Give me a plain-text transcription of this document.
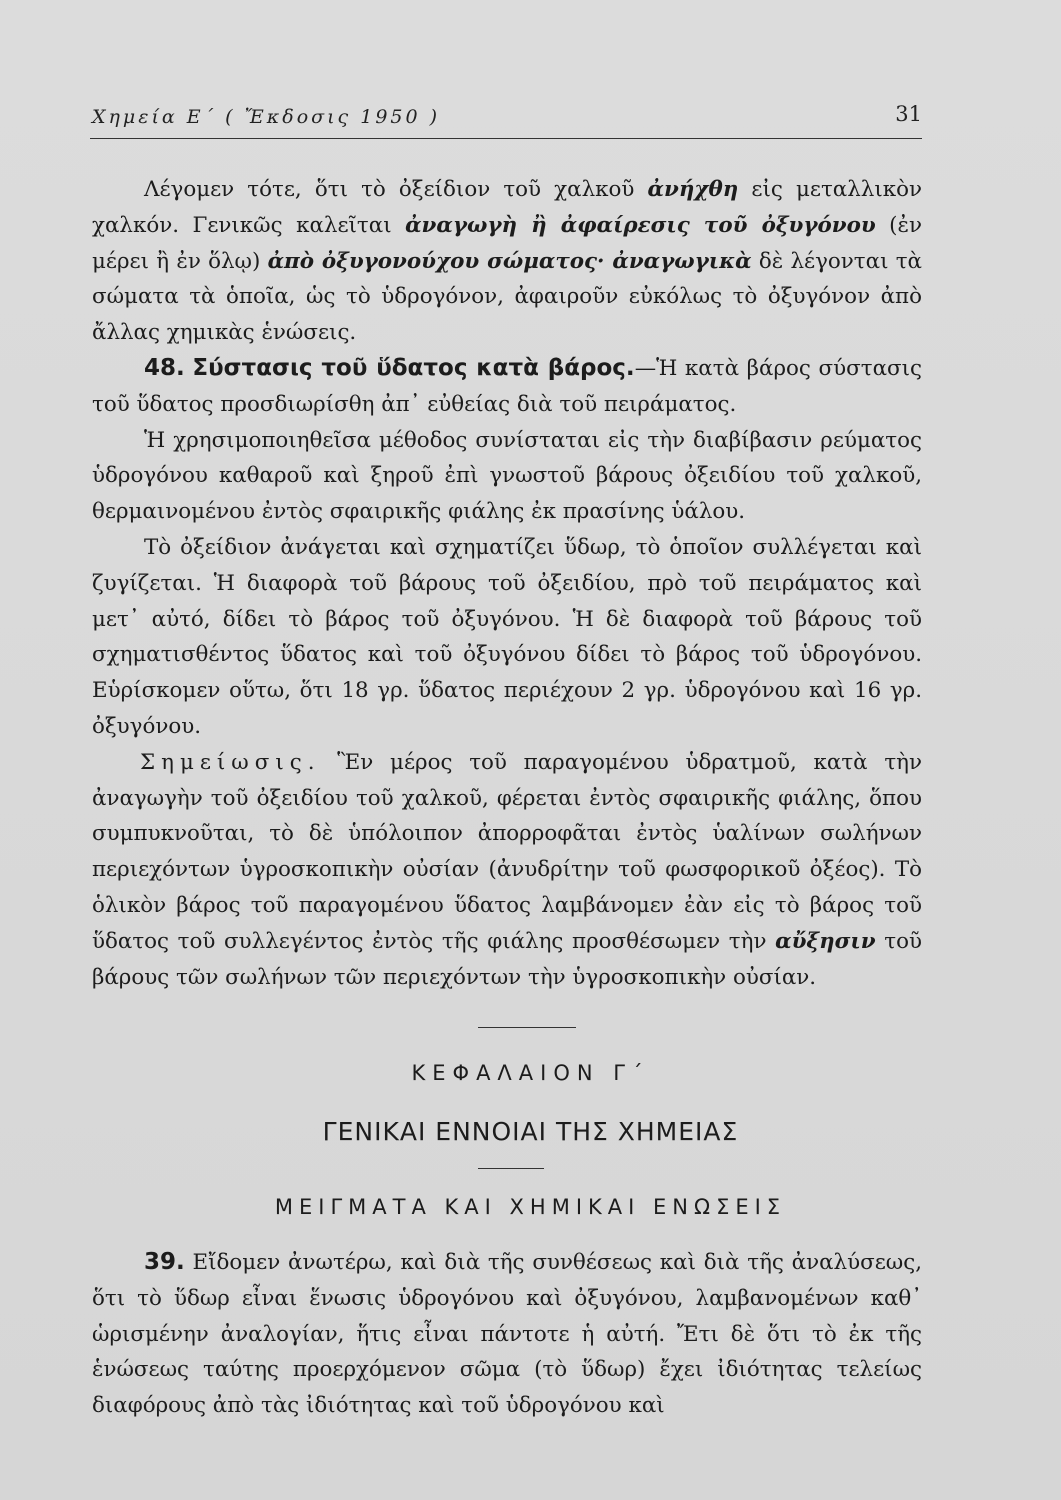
Χημεία Ε΄ ( Ἔκδοσις 1950 )	31

Λέγομεν τότε, ὅτι τὸ ὀξείδιον τοῦ χαλκοῦ ἀνήχθη εἰς μεταλλικὸν χαλκόν. Γενικῶς καλεῖται ἀναγωγὴ ἢ ἀφαίρεσις τοῦ ὀξυγόνου (ἐν μέρει ἢ ἐν ὅλῳ) ἀπὸ ὀξυγονούχου σώματος· ἀναγωγικὰ δὲ λέγονται τὰ σώματα τὰ ὁποῖα, ὡς τὸ ὑδρογόνον, ἀφαιροῦν εὐκόλως τὸ ὀξυγόνον ἀπὸ ἄλλας χημικὰς ἑνώσεις.

48. Σύστασις τοῦ ὕδατος κατὰ βάρος.—Ἡ κατὰ βάρος σύστασις τοῦ ὕδατος προσδιωρίσθη ἀπ᾿ εὐθείας διὰ τοῦ πειράματος.

Ἡ χρησιμοποιηθεῖσα μέθοδος συνίσταται εἰς τὴν διαβίβασιν ρεύματος ὑδρογόνου καθαροῦ καὶ ξηροῦ ἐπὶ γνωστοῦ βάρους ὀξειδίου τοῦ χαλκοῦ, θερμαινομένου ἐντὸς σφαιρικῆς φιάλης ἐκ πρασίνης ὑάλου.

Τὸ ὀξείδιον ἀνάγεται καὶ σχηματίζει ὕδωρ, τὸ ὁποῖον συλλέγεται καὶ ζυγίζεται. Ἡ διαφορὰ τοῦ βάρους τοῦ ὀξειδίου, πρὸ τοῦ πειράματος καὶ μετ᾿ αὐτό, δίδει τὸ βάρος τοῦ ὀξυγόνου. Ἡ δὲ διαφορὰ τοῦ βάρους τοῦ σχηματισθέντος ὕδατος καὶ τοῦ ὀξυγόνου δίδει τὸ βάρος τοῦ ὑδρογόνου. Εὑρίσκομεν οὕτω, ὅτι 18 γρ. ὕδατος περιέχουν 2 γρ. ὑδρογόνου καὶ 16 γρ. ὀξυγόνου.

Σημείωσις. Ἓν μέρος τοῦ παραγομένου ὑδρατμοῦ, κατὰ τὴν ἀναγωγὴν τοῦ ὀξειδίου τοῦ χαλκοῦ, φέρεται ἐντὸς σφαιρικῆς φιάλης, ὅπου συμπυκνοῦται, τὸ δὲ ὑπόλοιπον ἀπορροφᾶται ἐντὸς ὑαλίνων σωλήνων περιεχόντων ὑγροσκοπικὴν οὐσίαν (ἀνυδρίτην τοῦ φωσφορικοῦ ὀξέος). Τὸ ὁλικὸν βάρος τοῦ παραγομένου ὕδατος λαμβάνομεν ἐὰν εἰς τὸ βάρος τοῦ ὕδατος τοῦ συλλεγέντος ἐντὸς τῆς φιάλης προσθέσωμεν τὴν αὔξησιν τοῦ βάρους τῶν σωλήνων τῶν περιεχόντων τὴν ὑγροσκοπικὴν οὐσίαν.

ΚΕΦΑΛΑΙΟΝ Γ΄
ΓΕΝΙΚΑΙ ΕΝΝΟΙΑΙ ΤΗΣ ΧΗΜΕΙΑΣ
ΜΕΙΓΜΑΤΑ ΚΑΙ ΧΗΜΙΚΑΙ ΕΝΩΣΕΙΣ

39. Εἴδομεν ἀνωτέρω, καὶ διὰ τῆς συνθέσεως καὶ διὰ τῆς ἀναλύσεως, ὅτι τὸ ὕδωρ εἶναι ἕνωσις ὑδρογόνου καὶ ὀξυγόνου, λαμβανομένων καθ᾿ ὡρισμένην ἀναλογίαν, ἥτις εἶναι πάντοτε ἡ αὐτή. Ἔτι δὲ ὅτι τὸ ἐκ τῆς ἑνώσεως ταύτης προερχόμενον σῶμα (τὸ ὕδωρ) ἔχει ἰδιότητας τελείως διαφόρους ἀπὸ τὰς ἰδιότητας καὶ τοῦ ὑδρογόνου καὶ
